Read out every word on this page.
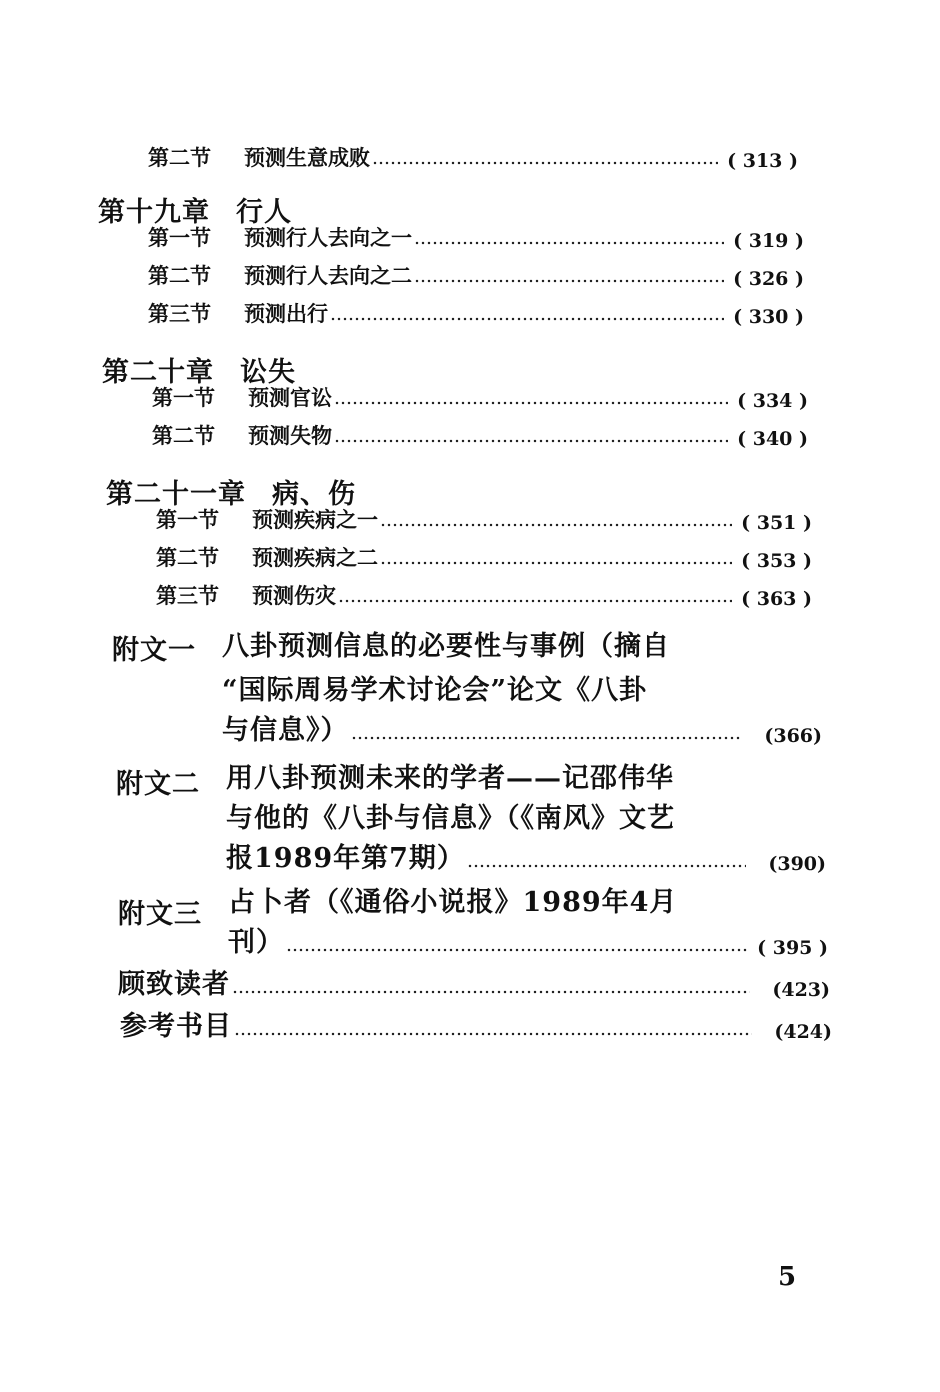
第二节	预测生意成败	( 313 )
第十九章 行人
第一节	预测行人去向之一	( 319 )
第二节	预测行人去向之二	( 326 )
第三节	预测出行	( 330 )
第二十章 讼失
第一节	预测官讼	( 334 )
第二节	预测失物	( 340 )
第二十一章 病、伤
第一节	预测疾病之一	( 351 )
第二节	预测疾病之二	( 353 )
第三节	预测伤灾	( 363 )
附文一 八卦预测信息的必要性与事例（摘自
“国际周易学术讨论会”论文《八卦
与信息》）	(366)
附文二 用八卦预测未来的学者——记邵伟华
与他的《八卦与信息》（《南风》文艺
报1989年第7期）	(390)
附文三 占卜者（《通俗小说报》1989年4月
刊）	( 395 )
顾致读者	(423)
参考书目	(424)
5
